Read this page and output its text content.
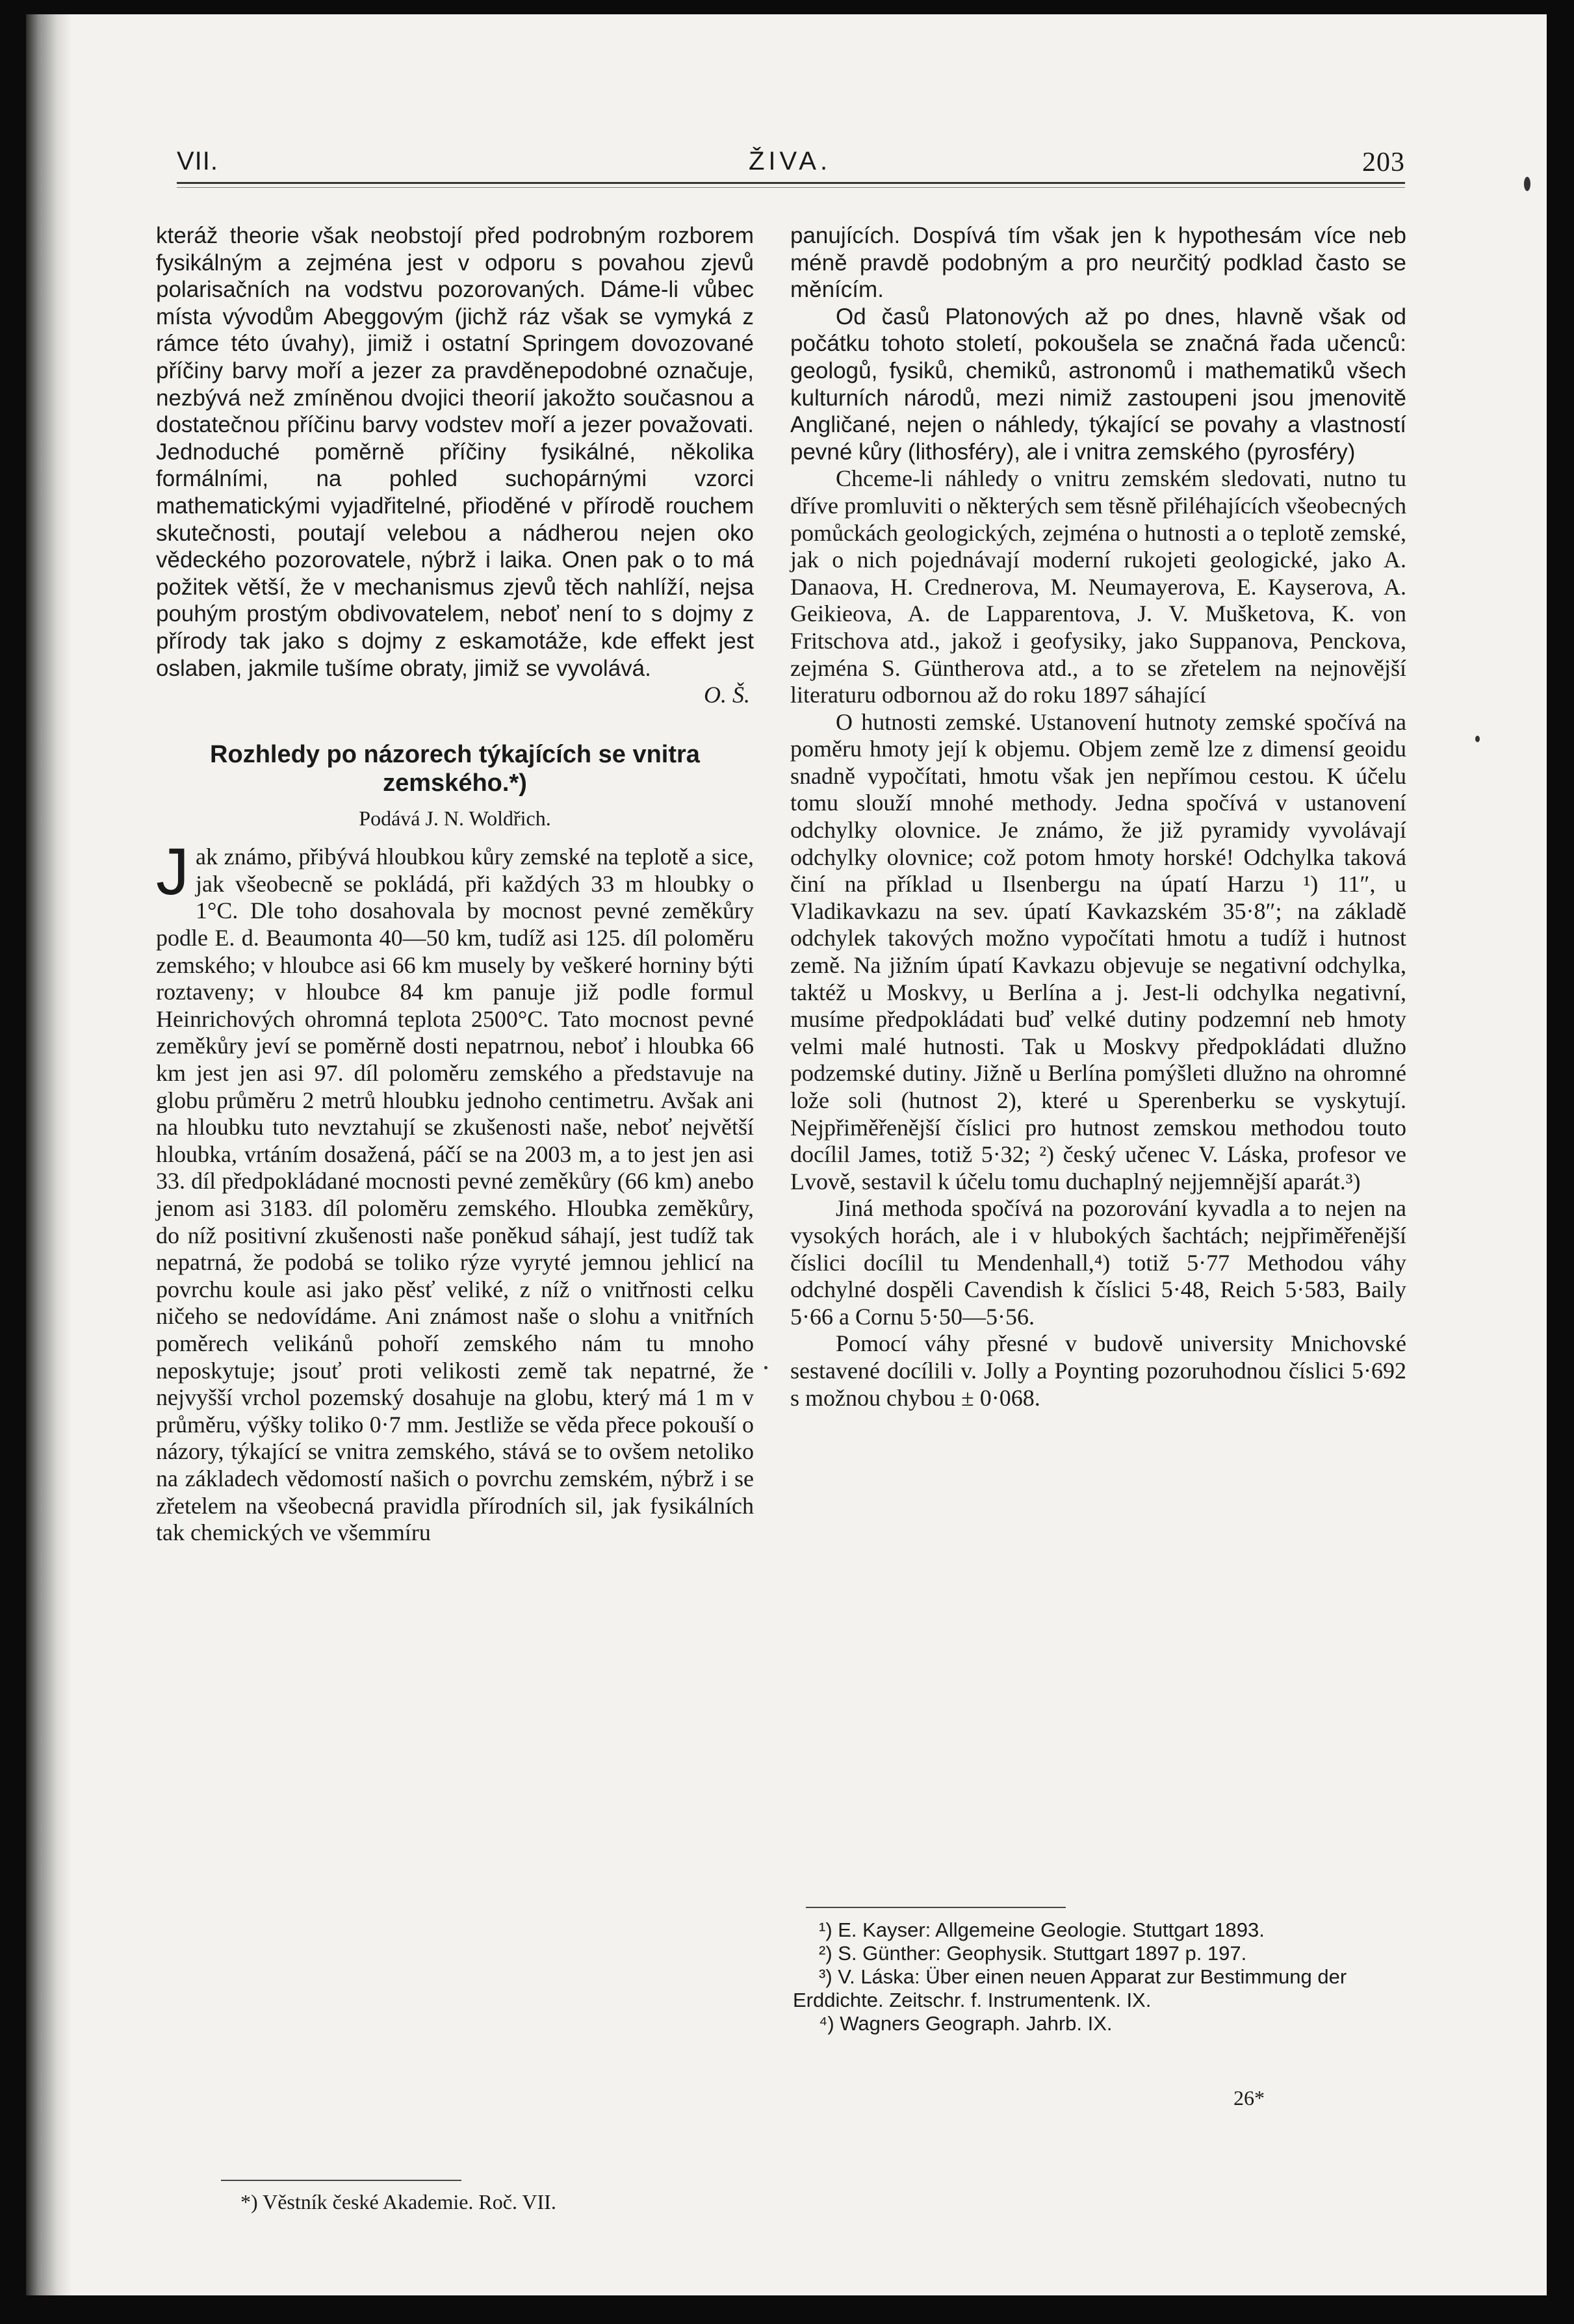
VII.	ŽIVA.	203

kteráž theorie však neobstojí před podrobným rozborem fysikálným a zejména jest v odporu s povahou zjevů polarisačních na vodstvu pozorovaných. Dáme-li vůbec místa vývodům Abeggovým (jichž ráz však se vymyká z rámce této úvahy), jimiž i ostatní Springem dovozované příčiny barvy moří a jezer za pravděnepodobné označuje, nezbývá než zmíněnou dvojici theorií jakožto současnou a dostatečnou příčinu barvy vodstev moří a jezer považovati. Jednoduché poměrně příčiny fysikálné, několika formálními, na pohled suchopárnými vzorci mathematickými vyjadřitelné, přioděné v přírodě rouchem skutečnosti, poutají velebou a nádherou nejen oko vědeckého pozorovatele, nýbrž i laika. Onen pak o to má požitek větší, že v mechanismus zjevů těch nahlíží, nejsa pouhým prostým obdivovatelem, neboť není to s dojmy z přírody tak jako s dojmy z eskamotáže, kde effekt jest oslaben, jakmile tušíme obraty, jimiž se vyvolává.

O. Š.

Rozhledy po názorech týkajících se vnitra zemského.*)

Podává J. N. Woldřich.

Jak známo, přibývá hloubkou kůry zemské na teplotě a sice, jak všeobecně se pokládá, při každých 33 m hloubky o 1°C. Dle toho dosahovala by mocnost pevné zeměkůry podle E. d. Beaumonta 40—50 km, tudíž asi 125. díl poloměru zemského; v hloubce asi 66 km musely by veškeré horniny býti roztaveny; v hloubce 84 km panuje již podle formul Heinrichových ohromná teplota 2500°C. Tato mocnost pevné zeměkůry jeví se poměrně dosti nepatrnou, neboť i hloubka 66 km jest jen asi 97. díl poloměru zemského a představuje na globu průměru 2 metrů hloubku jednoho centimetru. Avšak ani na hloubku tuto nevztahují se zkušenosti naše, neboť největší hloubka, vrtáním dosažená, páčí se na 2003 m, a to jest jen asi 33. díl předpokládané mocnosti pevné zeměkůry (66 km) anebo jenom asi 3183. díl poloměru zemského. Hloubka zeměkůry, do níž positivní zkušenosti naše poněkud sáhají, jest tudíž tak nepatrná, že podobá se toliko rýze vyryté jemnou jehlicí na povrchu koule asi jako pěsť veliké, z níž o vnitřnosti celku ničeho se nedovídáme. Ani známost naše o slohu a vnitřních poměrech velikánů pohoří zemského nám tu mnoho neposkytuje; jsouť proti velikosti země tak nepatrné, že nejvyšší vrchol pozemský dosahuje na globu, který má 1 m v průměru, výšky toliko 0·7 mm. Jestliže se věda přece pokouší o názory, týkající se vnitra zemského, stává se to ovšem netoliko na základech vědomostí našich o povrchu zemském, nýbrž i se zřetelem na všeobecná pravidla přírodních sil, jak fysikálních tak chemických ve všemmíru

*) Věstník české Akademie. Roč. VII.

panujících. Dospívá tím však jen k hypothesám více neb méně pravdě podobným a pro neurčitý podklad často se měnícím.

Od časů Platonových až po dnes, hlavně však od počátku tohoto století, pokoušela se značná řada učenců: geologů, fysiků, chemiků, astronomů i mathematiků všech kulturních národů, mezi nimiž zastoupeni jsou jmenovitě Angličané, nejen o náhledy, týkající se povahy a vlastností pevné kůry (lithosféry), ale i vnitra zemského (pyrosféry)

Chceme-li náhledy o vnitru zemském sledovati, nutno tu dříve promluviti o některých sem těsně přiléhajících všeobecných pomůckách geologických, zejména o hutnosti a o teplotě zemské, jak o nich pojednávají moderní rukojeti geologické, jako A. Danaova, H. Crednerova, M. Neumayerova, E. Kayserova, A. Geikieova, A. de Lapparentova, J. V. Mušketova, K. von Fritschova atd., jakož i geofysiky, jako Suppanova, Penckova, zejména S. Güntherova atd., a to se zřetelem na nejnovější literaturu odbornou až do roku 1897 sáhající

O hutnosti zemské. Ustanovení hutnoty zemské spočívá na poměru hmoty její k objemu. Objem země lze z dimensí geoidu snadně vypočítati, hmotu však jen nepřímou cestou. K účelu tomu slouží mnohé methody. Jedna spočívá v ustanovení odchylky olovnice. Je známo, že již pyramidy vyvolávají odchylky olovnice; což potom hmoty horské! Odchylka taková činí na příklad u Ilsenbergu na úpatí Harzu ¹) 11″, u Vladikavkazu na sev. úpatí Kavkazském 35·8″; na základě odchylek takových možno vypočítati hmotu a tudíž i hutnost země. Na jižním úpatí Kavkazu objevuje se negativní odchylka, taktéž u Moskvy, u Berlína a j. Jest-li odchylka negativní, musíme předpokládati buď velké dutiny podzemní neb hmoty velmi malé hutnosti. Tak u Moskvy předpokládati dlužno podzemské dutiny. Jižně u Berlína pomýšleti dlužno na ohromné lože soli (hutnost 2), které u Sperenberku se vyskytují. Nejpřiměřenější číslici pro hutnost zemskou methodou touto docílil James, totiž 5·32; ²) český učenec V. Láska, profesor ve Lvově, sestavil k účelu tomu duchaplný nejjemnější aparát.³)

Jiná methoda spočívá na pozorování kyvadla a to nejen na vysokých horách, ale i v hlubokých šachtách; nejpřiměřenější číslici docílil tu Mendenhall,⁴) totiž 5·77 Methodou váhy odchylné dospěli Cavendish k číslici 5·48, Reich 5·583, Baily 5·66 a Cornu 5·50—5·56.

Pomocí váhy přesné v budově university Mnichovské sestavené docílili v. Jolly a Poynting pozoruhodnou číslici 5·692 s možnou chybou ± 0·068.

¹) E. Kayser: Allgemeine Geologie. Stuttgart 1893.

²) S. Günther: Geophysik. Stuttgart 1897 p. 197.

³) V. Láska: Über einen neuen Apparat zur Bestimmung der Erddichte. Zeitschr. f. Instrumentenk. IX.

⁴) Wagners Geograph. Jahrb. IX.

26*
